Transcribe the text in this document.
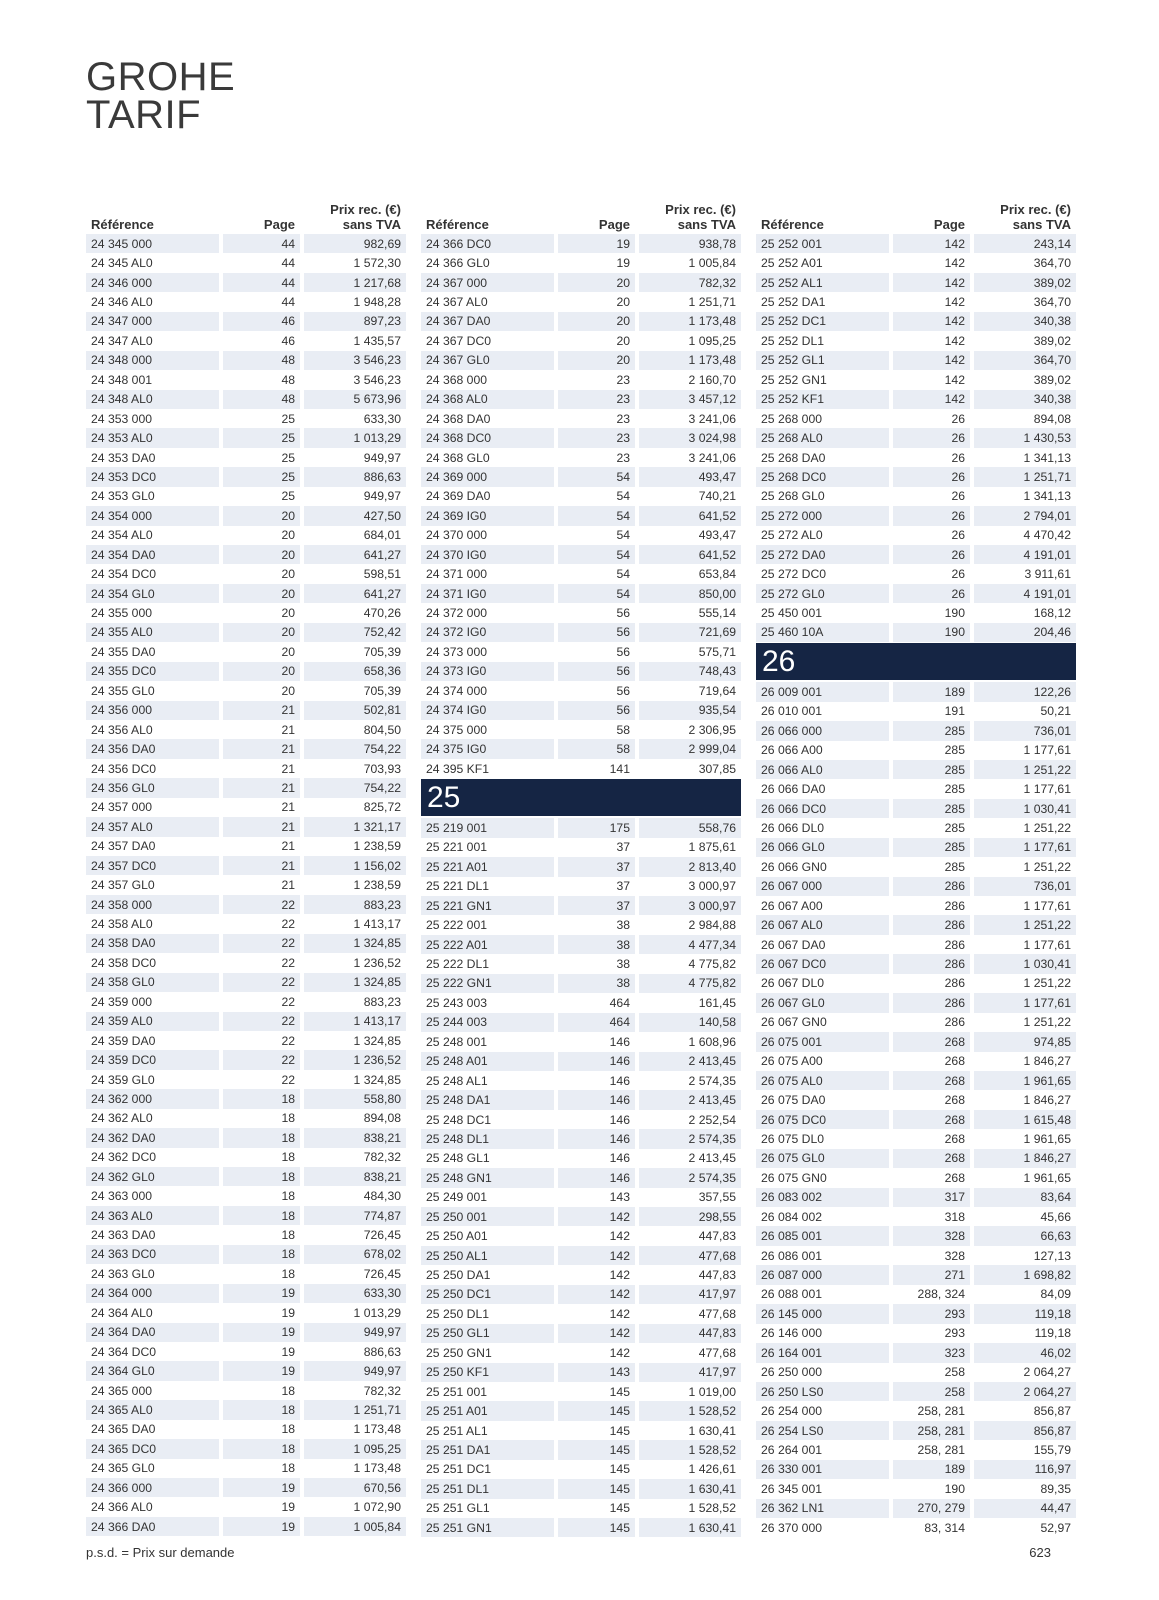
GROHE
TARIF
Référence	Page
Prix rec. (€)
sans TVA
24 345 000	44	982,69
24 345 AL0	44	1 572,30
24 346 000	44	1 217,68
24 346 AL0	44	1 948,28
24 347 000	46	897,23
24 347 AL0	46	1 435,57
24 348 000	48	3 546,23
24 348 001	48	3 546,23
24 348 AL0	48	5 673,96
24 353 000	25	633,30
24 353 AL0	25	1 013,29
24 353 DA0	25	949,97
24 353 DC0	25	886,63
24 353 GL0	25	949,97
24 354 000	20	427,50
24 354 AL0	20	684,01
24 354 DA0	20	641,27
24 354 DC0	20	598,51
24 354 GL0	20	641,27
24 355 000	20	470,26
24 355 AL0	20	752,42
24 355 DA0	20	705,39
24 355 DC0	20	658,36
24 355 GL0	20	705,39
24 356 000	21	502,81
24 356 AL0	21	804,50
24 356 DA0	21	754,22
24 356 DC0	21	703,93
24 356 GL0	21	754,22
24 357 000	21	825,72
24 357 AL0	21	1 321,17
24 357 DA0	21	1 238,59
24 357 DC0	21	1 156,02
24 357 GL0	21	1 238,59
24 358 000	22	883,23
24 358 AL0	22	1 413,17
24 358 DA0	22	1 324,85
24 358 DC0	22	1 236,52
24 358 GL0	22	1 324,85
24 359 000	22	883,23
24 359 AL0	22	1 413,17
24 359 DA0	22	1 324,85
24 359 DC0	22	1 236,52
24 359 GL0	22	1 324,85
24 362 000	18	558,80
24 362 AL0	18	894,08
24 362 DA0	18	838,21
24 362 DC0	18	782,32
24 362 GL0	18	838,21
24 363 000	18	484,30
24 363 AL0	18	774,87
24 363 DA0	18	726,45
24 363 DC0	18	678,02
24 363 GL0	18	726,45
24 364 000	19	633,30
24 364 AL0	19	1 013,29
24 364 DA0	19	949,97
24 364 DC0	19	886,63
24 364 GL0	19	949,97
24 365 000	18	782,32
24 365 AL0	18	1 251,71
24 365 DA0	18	1 173,48
24 365 DC0	18	1 095,25
24 365 GL0	18	1 173,48
24 366 000	19	670,56
24 366 AL0	19	1 072,90
24 366 DA0	19	1 005,84
Référence	Page
Prix rec. (€)
sans TVA
24 366 DC0	19	938,78
24 366 GL0	19	1 005,84
24 367 000	20	782,32
24 367 AL0	20	1 251,71
24 367 DA0	20	1 173,48
24 367 DC0	20	1 095,25
24 367 GL0	20	1 173,48
24 368 000	23	2 160,70
24 368 AL0	23	3 457,12
24 368 DA0	23	3 241,06
24 368 DC0	23	3 024,98
24 368 GL0	23	3 241,06
24 369 000	54	493,47
24 369 DA0	54	740,21
24 369 IG0	54	641,52
24 370 000	54	493,47
24 370 IG0	54	641,52
24 371 000	54	653,84
24 371 IG0	54	850,00
24 372 000	56	555,14
24 372 IG0	56	721,69
24 373 000	56	575,71
24 373 IG0	56	748,43
24 374 000	56	719,64
24 374 IG0	56	935,54
24 375 000	58	2 306,95
24 375 IG0	58	2 999,04
24 395 KF1	141	307,85
25
25 219 001	175	558,76
25 221 001	37	1 875,61
25 221 A01	37	2 813,40
25 221 DL1	37	3 000,97
25 221 GN1	37	3 000,97
25 222 001	38	2 984,88
25 222 A01	38	4 477,34
25 222 DL1	38	4 775,82
25 222 GN1	38	4 775,82
25 243 003	464	161,45
25 244 003	464	140,58
25 248 001	146	1 608,96
25 248 A01	146	2 413,45
25 248 AL1	146	2 574,35
25 248 DA1	146	2 413,45
25 248 DC1	146	2 252,54
25 248 DL1	146	2 574,35
25 248 GL1	146	2 413,45
25 248 GN1	146	2 574,35
25 249 001	143	357,55
25 250 001	142	298,55
25 250 A01	142	447,83
25 250 AL1	142	477,68
25 250 DA1	142	447,83
25 250 DC1	142	417,97
25 250 DL1	142	477,68
25 250 GL1	142	447,83
25 250 GN1	142	477,68
25 250 KF1	143	417,97
25 251 001	145	1 019,00
25 251 A01	145	1 528,52
25 251 AL1	145	1 630,41
25 251 DA1	145	1 528,52
25 251 DC1	145	1 426,61
25 251 DL1	145	1 630,41
25 251 GL1	145	1 528,52
25 251 GN1	145	1 630,41
Référence	Page
Prix rec. (€)
sans TVA
25 252 001	142	243,14
25 252 A01	142	364,70
25 252 AL1	142	389,02
25 252 DA1	142	364,70
25 252 DC1	142	340,38
25 252 DL1	142	389,02
25 252 GL1	142	364,70
25 252 GN1	142	389,02
25 252 KF1	142	340,38
25 268 000	26	894,08
25 268 AL0	26	1 430,53
25 268 DA0	26	1 341,13
25 268 DC0	26	1 251,71
25 268 GL0	26	1 341,13
25 272 000	26	2 794,01
25 272 AL0	26	4 470,42
25 272 DA0	26	4 191,01
25 272 DC0	26	3 911,61
25 272 GL0	26	4 191,01
25 450 001	190	168,12
25 460 10A	190	204,46
26
26 009 001	189	122,26
26 010 001	191	50,21
26 066 000	285	736,01
26 066 A00	285	1 177,61
26 066 AL0	285	1 251,22
26 066 DA0	285	1 177,61
26 066 DC0	285	1 030,41
26 066 DL0	285	1 251,22
26 066 GL0	285	1 177,61
26 066 GN0	285	1 251,22
26 067 000	286	736,01
26 067 A00	286	1 177,61
26 067 AL0	286	1 251,22
26 067 DA0	286	1 177,61
26 067 DC0	286	1 030,41
26 067 DL0	286	1 251,22
26 067 GL0	286	1 177,61
26 067 GN0	286	1 251,22
26 075 001	268	974,85
26 075 A00	268	1 846,27
26 075 AL0	268	1 961,65
26 075 DA0	268	1 846,27
26 075 DC0	268	1 615,48
26 075 DL0	268	1 961,65
26 075 GL0	268	1 846,27
26 075 GN0	268	1 961,65
26 083 002	317	83,64
26 084 002	318	45,66
26 085 001	328	66,63
26 086 001	328	127,13
26 087 000	271	1 698,82
26 088 001	288, 324	84,09
26 145 000	293	119,18
26 146 000	293	119,18
26 164 001	323	46,02
26 250 000	258	2 064,27
26 250 LS0	258	2 064,27
26 254 000	258, 281	856,87
26 254 LS0	258, 281	856,87
26 264 001	258, 281	155,79
26 330 001	189	116,97
26 345 001	190	89,35
26 362 LN1	270, 279	44,47
26 370 000	83, 314	52,97
p.s.d. = Prix sur demande	623
